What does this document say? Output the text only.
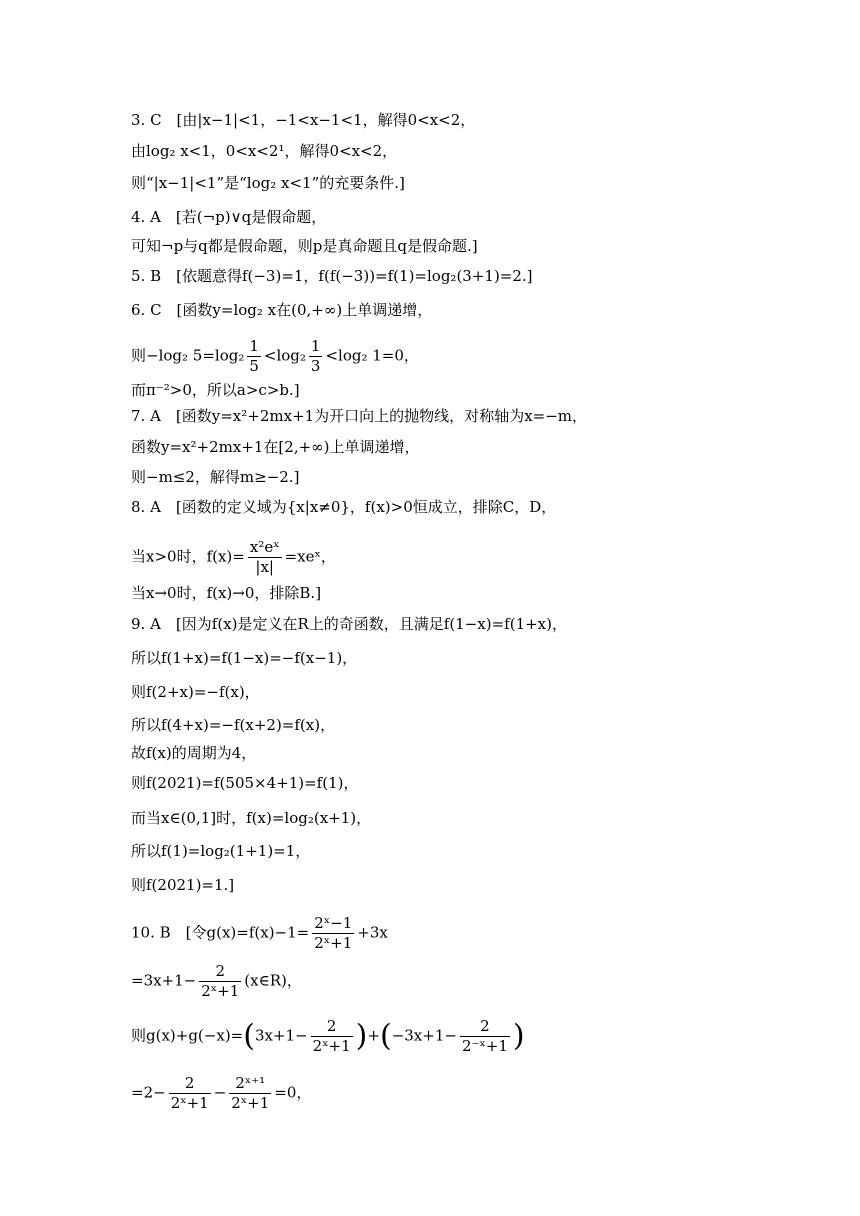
3. C　[由|x−1|<1，−1<x−1<1，解得0<x<2，
由log₂ x<1，0<x<2¹，解得0<x<2，
则“|x−1|<1”是“log₂ x<1”的充要条件.]
4. A　[若(¬p)∨q是假命题，
可知¬p与q都是假命题，则p是真命题且q是假命题.]
5. B　[依题意得f(−3)=1，f(f(−3))=f(1)=log₂(3+1)=2.]
6. C　[函数y=log₂ x在(0,+∞)上单调递增，
则−log₂ $5=\log_2 \frac{1}{5} <\log_2 \frac{1}{3} <\log_2$ 1=0，
而π⁻²>0，所以a>c>b.]
7. A　[函数y=x²+2mx+1为开口向上的抛物线，对称轴为x=−m，
函数y=x²+2mx+1在[2,+∞)上单调递增，
则−m≤2，解得m≥−2.]
8. A　[函数的定义域为{x|x≠0}，f(x)>0恒成立，排除C，D，
当x>0时，$f(x)= \frac{\text{x²eˣ}}{|x|}$ =xeˣ，
当x→0时，f(x)→0，排除B.]
9. A　[因为f(x)是定义在R上的奇函数，且满足f(1−x)=f(1+x)，
所以f(1+x)=f(1−x)=−f(x−1)，
则f(2+x)=−f(x)，
所以f(4+x)=−f(x+2)=f(x)，
故f(x)的周期为4，
则f(2021)=f(505×4+1)=f(1)，
而当x∈(0,1]时，f(x)=log₂(x+1)，
所以f(1)=log₂(1+1)=1，
则f(2021)=1.]
10. B　[令$g(x)=f(x)-1= \frac{\text{2ˣ−1}}{\text{2ˣ+1}} +3x$
$=3x+1- \frac{2}{\text{2ˣ+1}}$ (x∈R)，
则$g(x)+g(-x)=(3x+1- \frac{2}{\text{2ˣ+1}} )+(-3x+1- \frac{2}{\text{2⁻ˣ+1}}$ )
$=2- \frac{2}{\text{2ˣ+1}} - \frac{\text{2ˣ⁺¹}}{\text{2ˣ+1}} =0$，
